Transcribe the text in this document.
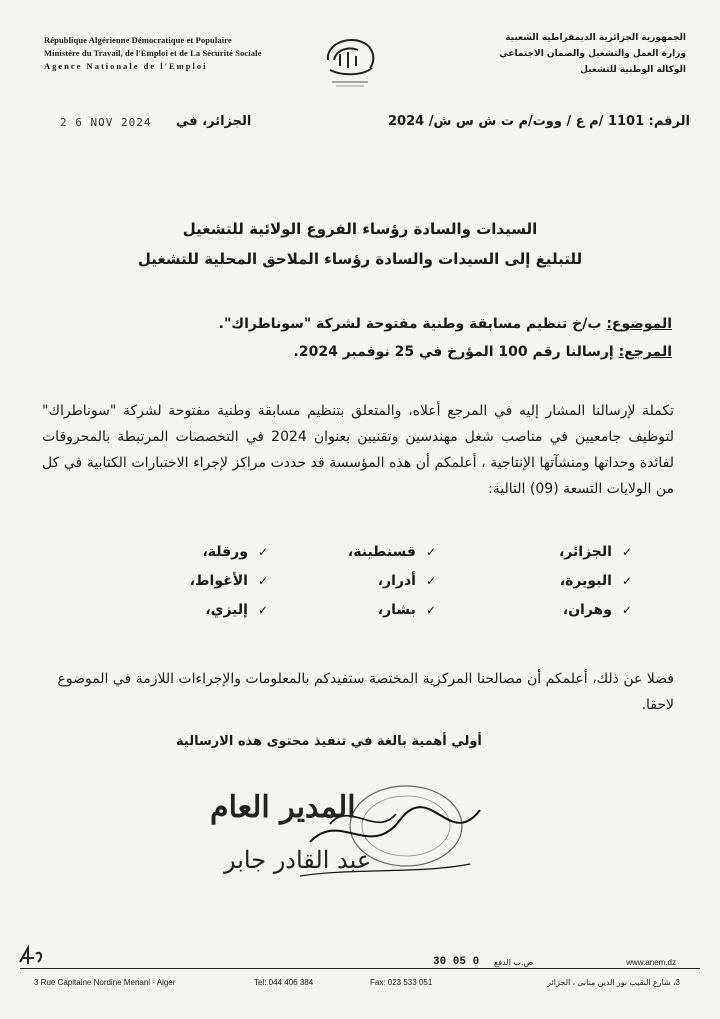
République Algérienne Démocratique et Populaire
Ministère du Travail, de l'Emploi et de La Sécurité Sociale
Agence Nationale de l'Emploi
الجمهورية الجزائرية الديمقراطية الشعبية
وزارة العمل والتشغيل والضمان الاجتماعي
الوكالة الوطنية للتشغيل
2 6 NOV 2024 الجزائر، في	الرقم: 1101 /م ع / ووت/م ت ش س ش/ 2024
السيدات والسادة رؤساء الفروع الولائية للتشغيل
للتبليغ إلى السيدات والسادة رؤساء الملاحق المحلية للتشغيل
الموضوع: ب/خ تنظيم مسابقة وطنية مفتوحة لشركة "سوناطراك".
المرجع: إرسالنا رقم 100 المؤرخ في 25 نوفمبر 2024.
تكملة لإرسالنا المشار إليه في المرجع أعلاه، والمتعلق بتنظيم مسابقة وطنية مفتوحة لشركة "سوناطراك" لتوظيف جامعيين في مناصب شغل مهندسين وتقنيين بعنوان 2024 في التخصصات المرتبطة بالمحروقات لفائدة وحداتها ومنشآتها الإنتاجية ، أعلمكم أن هذه المؤسسة قد حددت مراكز لإجراء الاختبارات الكتابية في كل من الولايات التسعة (09) التالية:
✓الجزائر،
✓البويرة،
✓وهران،
✓قسنطينة،
✓أدرار،
✓بشار،
✓ورقلة،
✓الأغواط،
✓إليزي،
فضلا عن ذلك، أعلمكم أن مصالحنا المركزية المختصة ستفيدكم بالمعلومات والإجراءات اللازمة في الموضوع لاحقا.
أولي أهمية بالغة في تنفيذ محتوى هذه الارسالية
المدير العام
عبد القادر جابر
30 05 0	ص.ب الدفع	www.anem.dz
3 Rue Capitaine Nordine Menani - Alger	Tel: 044 406 384	Fax: 023 533 051	3، شارع النقيب نور الدين منانى ، الجزائر
